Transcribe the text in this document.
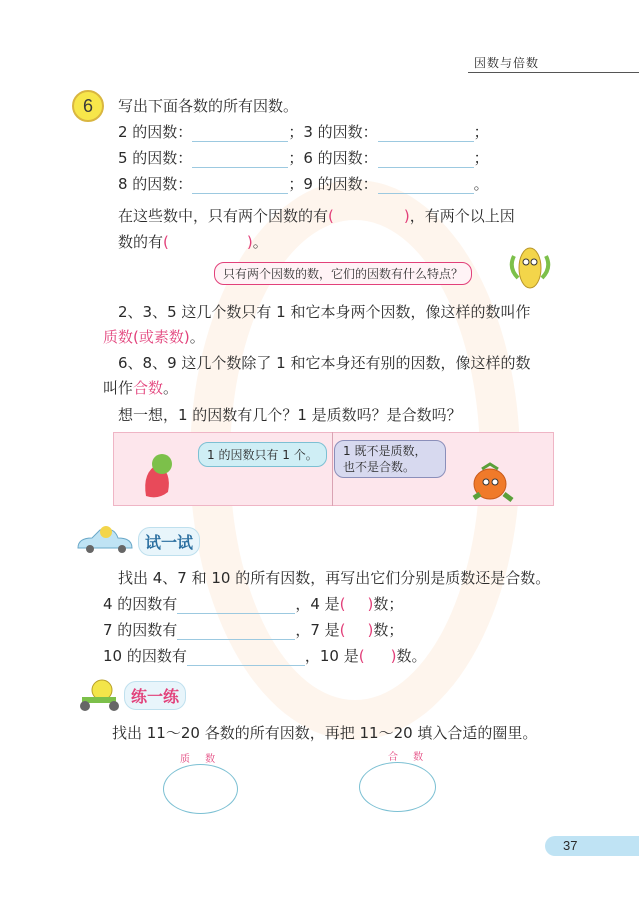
因数与倍数
6	写出下面各数的所有因数。
2 的因数：	；3 的因数：	；
5 的因数：	；6 的因数：	；
8 的因数：	；9 的因数：	。
在这些数中，只有两个因数的有(	)，有两个以上因
数的有(	)。
只有两个因数的数，它们的因数有什么特点？
2、3、5 这几个数只有 1 和它本身两个因数，像这样的数叫作
质数(或素数)。
6、8、9 这几个数除了 1 和它本身还有别的因数，像这样的数
叫作合数。
想一想，1 的因数有几个？1 是质数吗？是合数吗？
1 的因数只有 1 个。	1 既不是质数，也不是合数。
试一试
找出 4、7 和 10 的所有因数，再写出它们分别是质数还是合数。
4 的因数有	，4 是( )数；
7 的因数有	，7 是( )数；
10 的因数有	，10 是( )数。
练一练
找出 11～20 各数的所有因数，再把 11～20 填入合适的圈里。
质 数	合 数
37
